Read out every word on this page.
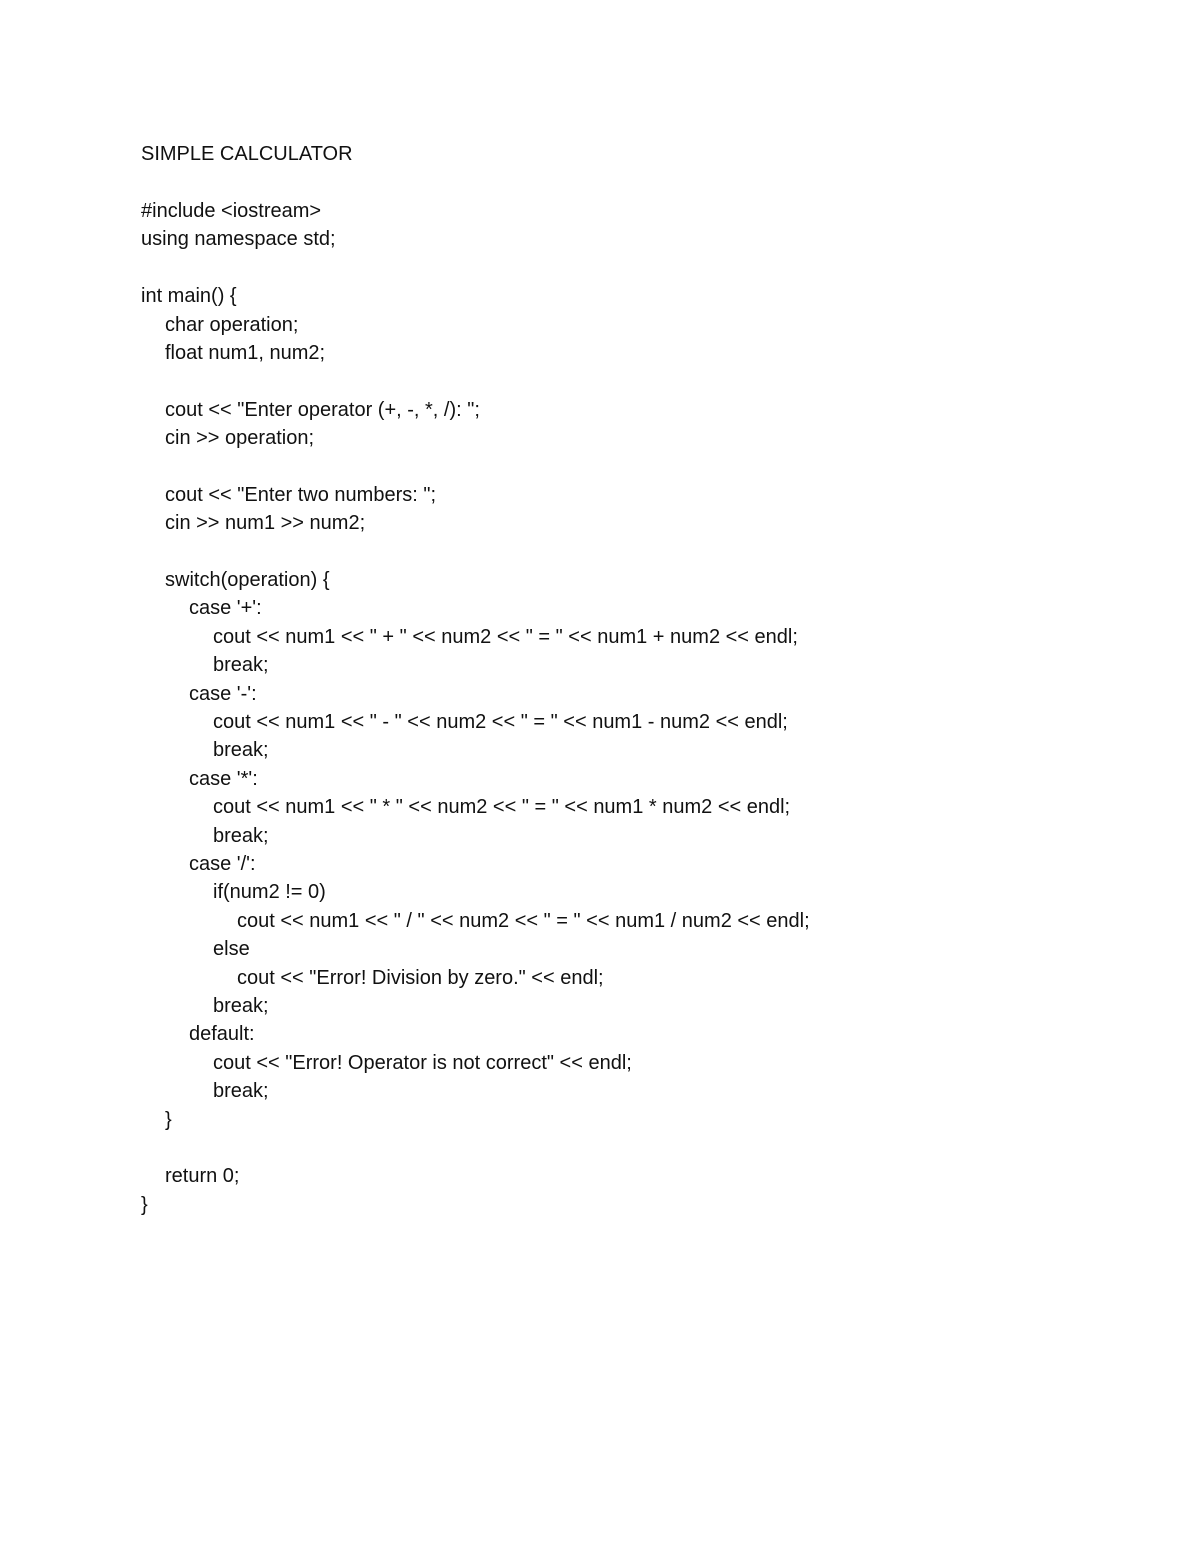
SIMPLE CALCULATOR
#include <iostream>
using namespace std;
int main() {
char operation;
float num1, num2;
cout << "Enter operator (+, -, *, /): ";
cin >> operation;
cout << "Enter two numbers: ";
cin >> num1 >> num2;
switch(operation) {
case '+':
cout << num1 << " + " << num2 << " = " << num1 + num2 << endl;
break;
case '-':
cout << num1 << " - " << num2 << " = " << num1 - num2 << endl;
break;
case '*':
cout << num1 << " * " << num2 << " = " << num1 * num2 << endl;
break;
case '/':
if(num2 != 0)
cout << num1 << " / " << num2 << " = " << num1 / num2 << endl;
else
cout << "Error! Division by zero." << endl;
break;
default:
cout << "Error! Operator is not correct" << endl;
break;
}
return 0;
}
